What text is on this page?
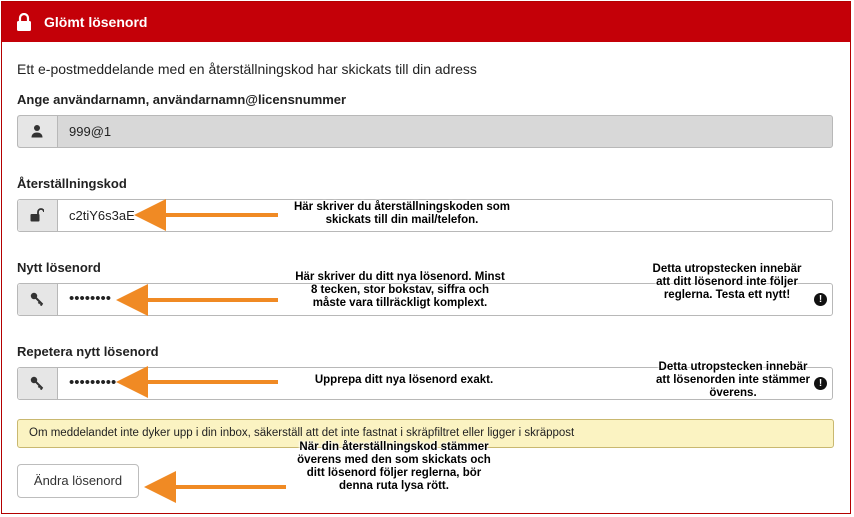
Glömt lösenord
Ett e-postmeddelande med en återställningskod har skickats till din adress
Ange användarnamn, användarnamn@licensnummer
999@1
Återställningskod
c2tiY6s3aE
Nytt lösenord
••••••••	!
Repetera nytt lösenord
•••••••••	!
Om meddelandet inte dyker upp i din inbox, säkerställ att det inte fastnat i skräpfiltret eller ligger i skräppost
Ändra lösenord
Här skriver du återställningskoden som skickats till din mail/telefon.
Här skriver du ditt nya lösenord. Minst 8 tecken, stor bokstav, siffra och måste vara tillräckligt komplext.
Detta utropstecken innebär att ditt lösenord inte följer reglerna. Testa ett nytt!
Upprepa ditt nya lösenord exakt.
Detta utropstecken innebär att lösenorden inte stämmer överens.
När din återställningskod stämmer överens med den som skickats och ditt lösenord följer reglerna, bör denna ruta lysa rött.
